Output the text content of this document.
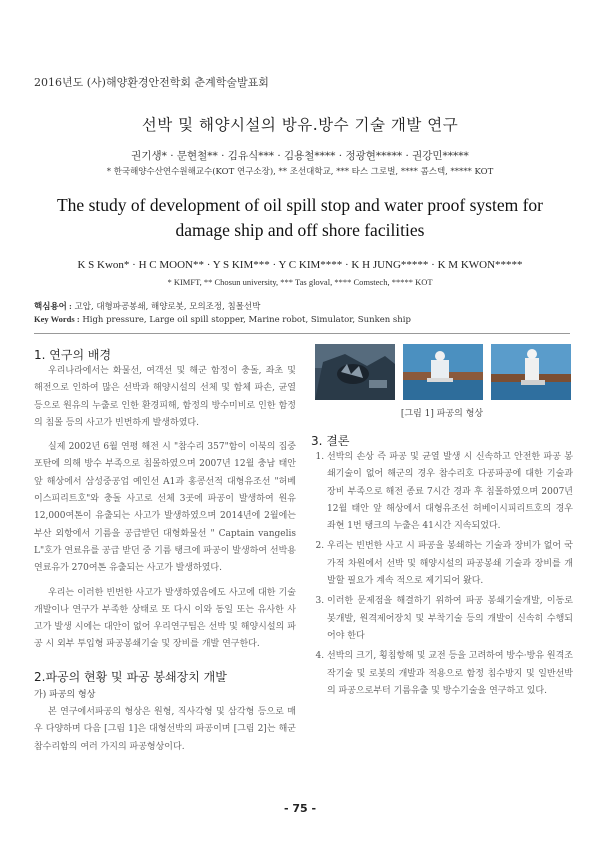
2016년도 (사)해양환경안전학회 춘계학술발표회
선박 및 해양시설의 방유.방수 기술 개발 연구
권기생* · 문현철** · 김유식*** · 김용철**** · 정광현***** · 권강민*****
* 한국해양수산연수원해교수(KOT 연구소장), ** 조선대학교, *** 타스 그로벌, **** 콤스텍, ***** KOT
The study of development of oil spill stop and water proof system for damage ship and off shore facilities
K S Kwon* · H C MOON** · Y S KIM*** · Y C KIM**** · K H JUNG***** · K M KWON*****
* KIMFT, ** Chosun university, *** Tas gloval, **** Comstech, ***** KOT
핵심용어 : 고압, 대형파공봉쇄, 해양로봇, 모의조정, 침몰선박
Key Words : High pressure, Large oil spill stopper, Marine robot, Simulator, Sunken ship
1. 연구의 배경

우리나라에서는 화물선, 여객선 및 해군 함정이 충돌, 좌초 및 해전으로 인하여 많은 선박과 해양시설의 선체 및 함체 파손, 균열 등으로 원유의 누출로 인한 환경피해, 함정의 방수미비로 인한 함정의 침몰 등의 사고가 빈번하게 발생하였다.

실제 2002년 6월 연평 해전 시 "참수리 357"함이 이북의 집중 포탄에 의해 방수 부족으로 침몰하였으며 2007년 12월 충남 태안 앞 해상에서 삼성중공업 예인선 A1과 홍콩선적 대형유조선 "허베이스피리트호"와 충돌 사고로 선체 3곳에 파공이 발생하여 원유 12,000여톤이 유출되는 사고가 발생하였으며 2014년에 2월에는 부산 외항에서 기름을 공급받던 대형화물선 " Captain vangelis L"호가 연료유를 공급 받던 중 기름 탱크에 파공이 발생하여 선박용 연료유가 270여톤 유출되는 사고가 발생하였다.

우리는 이러한 빈번한 사고가 발생하였음에도 사고에 대한 기술개발이나 연구가 부족한 상태로 또 다시 이와 동일 또는 유사한 사고가 발생 시에는 대안이 없어 우리연구팀은 선박 및 해양시설의 파공 시 외부 투입형 파공봉쇄기술 및 장비를 개발 연구한다.

2.파공의 현황 및 파공 봉쇄장치 개발
가) 파공의 형상

본 연구에서파공의 형상은 원형, 직사각형 및 삼각형 등으로 매우 다양하며 다음 [그림 1]은 대형선박의 파공이며 [그림 2]는 해군 참수리함의 여러 가지의 파공형상이다.

[그림 1] 파공의 형상
3. 결론
1. 선박의 손상 즉 파공 및 균열 발생 시 신속하고 안전한 파공 봉쇄기술이 없어 해군의 경우 참수리호 다공파공에 대한 기술과 장비 부족으로 해전 종료 7시간 경과 후 침몰하였으며 2007년 12월 태안 앞 해상에서 대형유조선 허베이시피리트호의 경우 좌현 1번 탱크의 누출은 41시간 지속되었다.
2. 우리는 빈번한 사고 시 파공을 봉쇄하는 기술과 장비가 없어 국가적 차원에서 선박 및 해양시설의 파공봉쇄 기술과 장비를 개발할 필요가 계속 적으로 제기되어 왔다.
3. 이러한 문제점을 해결하기 위하여 파공 봉쇄기술개발, 이동로봇개발, 원격제어장치 및 부착기술 등의 개발이 신속히 수행되어야 한다
4. 선박의 크기, 횡침항해 및 교전 등을 고려하여 방수·방유 원격조작기술 및 로봇의 개발과 적용으로 함정 침수방지 및 일반선박의 파공으로부터 기름유출 및 방수기술을 연구하고 있다.
- 75 -
